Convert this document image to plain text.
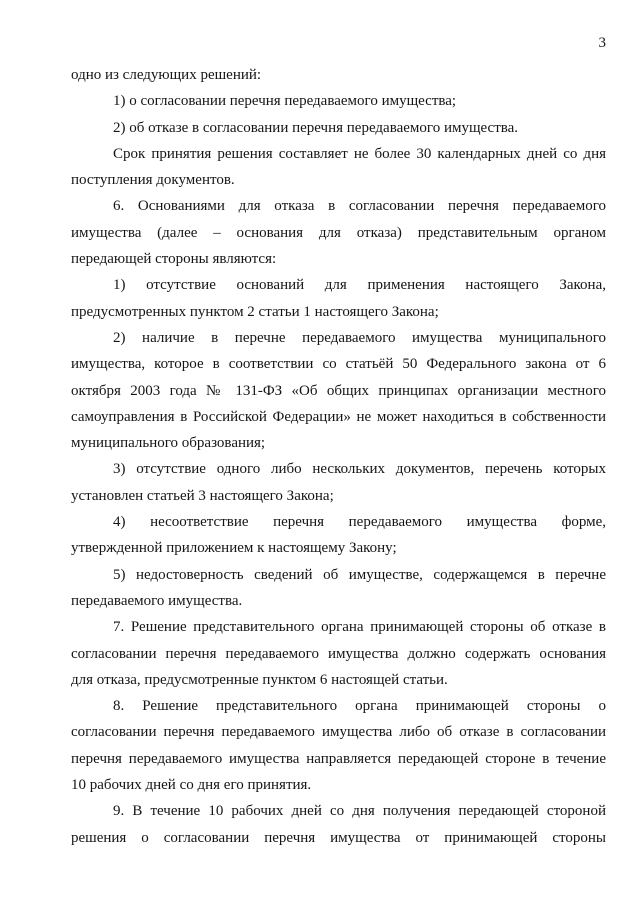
3
одно из следующих решений:
1) о согласовании перечня передаваемого имущества;
2) об отказе в согласовании перечня передаваемого имущества.
Срок принятия решения составляет не более 30 календарных дней со дня
поступления документов.
6. Основаниями для отказа в согласовании перечня передаваемого
имущества (далее – основания для отказа) представительным органом
передающей стороны являются:
1) отсутствие оснований для применения настоящего Закона,
предусмотренных пунктом 2 статьи 1 настоящего Закона;
2) наличие в перечне передаваемого имущества муниципального
имущества, которое в соответствии со статьёй 50 Федерального закона от 6
октября 2003 года № 131-ФЗ «Об общих принципах организации местного
самоуправления в Российской Федерации» не может находиться в собственности
муниципального образования;
3) отсутствие одного либо нескольких документов, перечень которых
установлен статьей 3 настоящего Закона;
4) несоответствие перечня передаваемого имущества форме,
утвержденной приложением к настоящему Закону;
5) недостоверность сведений об имуществе, содержащемся в перечне
передаваемого имущества.
7. Решение представительного органа принимающей стороны об отказе в
согласовании перечня передаваемого имущества должно содержать основания
для отказа, предусмотренные пунктом 6 настоящей статьи.
8. Решение представительного органа принимающей стороны о
согласовании перечня передаваемого имущества либо об отказе в согласовании
перечня передаваемого имущества направляется передающей стороне в течение
10 рабочих дней со дня его принятия.
9. В течение 10 рабочих дней со дня получения передающей стороной
решения о согласовании перечня имущества от принимающей стороны
